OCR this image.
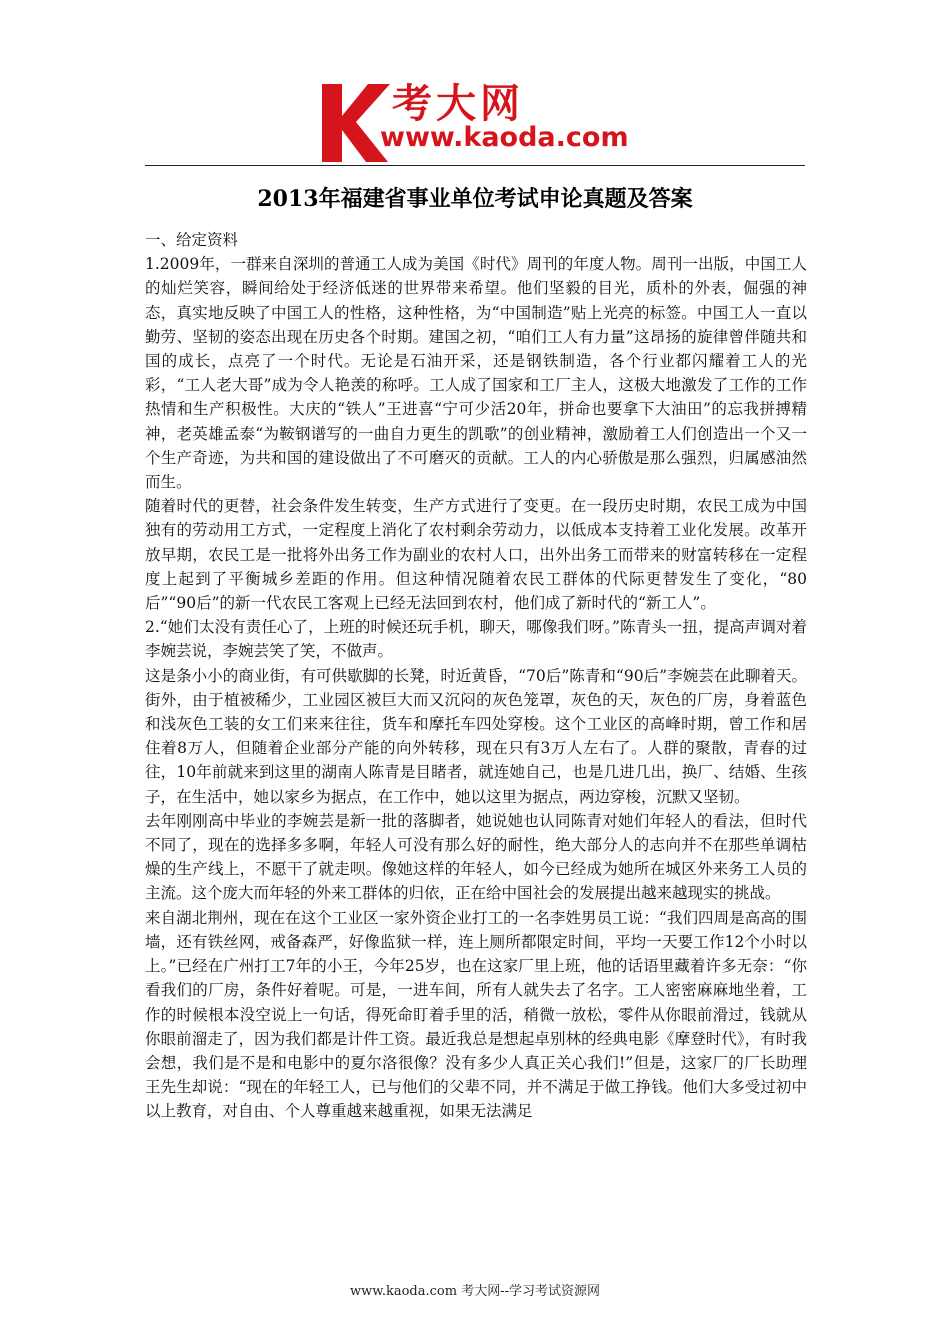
考大网
www.kaoda.com
2013年福建省事业单位考试申论真题及答案

一、给定资料

1.2009年，一群来自深圳的普通工人成为美国《时代》周刊的年度人物。周刊一出版，中国工人的灿烂笑容，瞬间给处于经济低迷的世界带来希望。他们坚毅的目光，质朴的外表，倔强的神态，真实地反映了中国工人的性格，这种性格，为“中国制造”贴上光亮的标签。中国工人一直以勤劳、坚韧的姿态出现在历史各个时期。建国之初，“咱们工人有力量”这昂扬的旋律曾伴随共和国的成长，点亮了一个时代。无论是石油开采，还是钢铁制造，各个行业都闪耀着工人的光彩，“工人老大哥”成为令人艳羡的称呼。工人成了国家和工厂主人，这极大地激发了工作的工作热情和生产积极性。大庆的“铁人”王进喜“宁可少活20年，拼命也要拿下大油田”的忘我拼搏精神，老英雄孟泰“为鞍钢谱写的一曲自力更生的凯歌”的创业精神，激励着工人们创造出一个又一个生产奇迹，为共和国的建设做出了不可磨灭的贡献。工人的内心骄傲是那么强烈，归属感油然而生。

随着时代的更替，社会条件发生转变，生产方式进行了变更。在一段历史时期，农民工成为中国独有的劳动用工方式，一定程度上消化了农村剩余劳动力，以低成本支持着工业化发展。改革开放早期，农民工是一批将外出务工作为副业的农村人口，出外出务工而带来的财富转移在一定程度上起到了平衡城乡差距的作用。但这种情况随着农民工群体的代际更替发生了变化，“80后”“90后”的新一代农民工客观上已经无法回到农村，他们成了新时代的“新工人”。

2.“她们太没有责任心了，上班的时候还玩手机，聊天，哪像我们呀。”陈青头一扭，提高声调对着李婉芸说，李婉芸笑了笑，不做声。

这是条小小的商业街，有可供歇脚的长凳，时近黄昏，“70后”陈青和“90后”李婉芸在此聊着天。街外，由于植被稀少，工业园区被巨大而又沉闷的灰色笼罩，灰色的天，灰色的厂房，身着蓝色和浅灰色工装的女工们来来往往，货车和摩托车四处穿梭。这个工业区的高峰时期，曾工作和居住着8万人，但随着企业部分产能的向外转移，现在只有3万人左右了。人群的聚散，青春的过往，10年前就来到这里的湖南人陈青是目睹者，就连她自己，也是几进几出，换厂、结婚、生孩子，在生活中，她以家乡为据点，在工作中，她以这里为据点，两边穿梭，沉默又坚韧。

去年刚刚高中毕业的李婉芸是新一批的落脚者，她说她也认同陈青对她们年轻人的看法，但时代不同了，现在的选择多多啊，年轻人可没有那么好的耐性，绝大部分人的志向并不在那些单调枯燥的生产线上，不愿干了就走呗。像她这样的年轻人，如今已经成为她所在城区外来务工人员的主流。这个庞大而年轻的外来工群体的归依，正在给中国社会的发展提出越来越现实的挑战。

来自湖北荆州，现在在这个工业区一家外资企业打工的一名李姓男员工说：“我们四周是高高的围墙，还有铁丝网，戒备森严，好像监狱一样，连上厕所都限定时间，平均一天要工作12个小时以上。”已经在广州打工7年的小王，今年25岁，也在这家厂里上班，他的话语里藏着许多无奈：“你看我们的厂房，条件好着呢。可是，一进车间，所有人就失去了名字。工人密密麻麻地坐着，工作的时候根本没空说上一句话，得死命盯着手里的活，稍微一放松，零件从你眼前滑过，钱就从你眼前溜走了，因为我们都是计件工资。最近我总是想起卓别林的经典电影《摩登时代》，有时我会想，我们是不是和电影中的夏尔洛很像？没有多少人真正关心我们!”但是，这家厂的厂长助理王先生却说：“现在的年轻工人，已与他们的父辈不同，并不满足于做工挣钱。他们大多受过初中以上教育，对自由、个人尊重越来越重视，如果无法满足

www.kaoda.com 考大网--学习考试资源网
